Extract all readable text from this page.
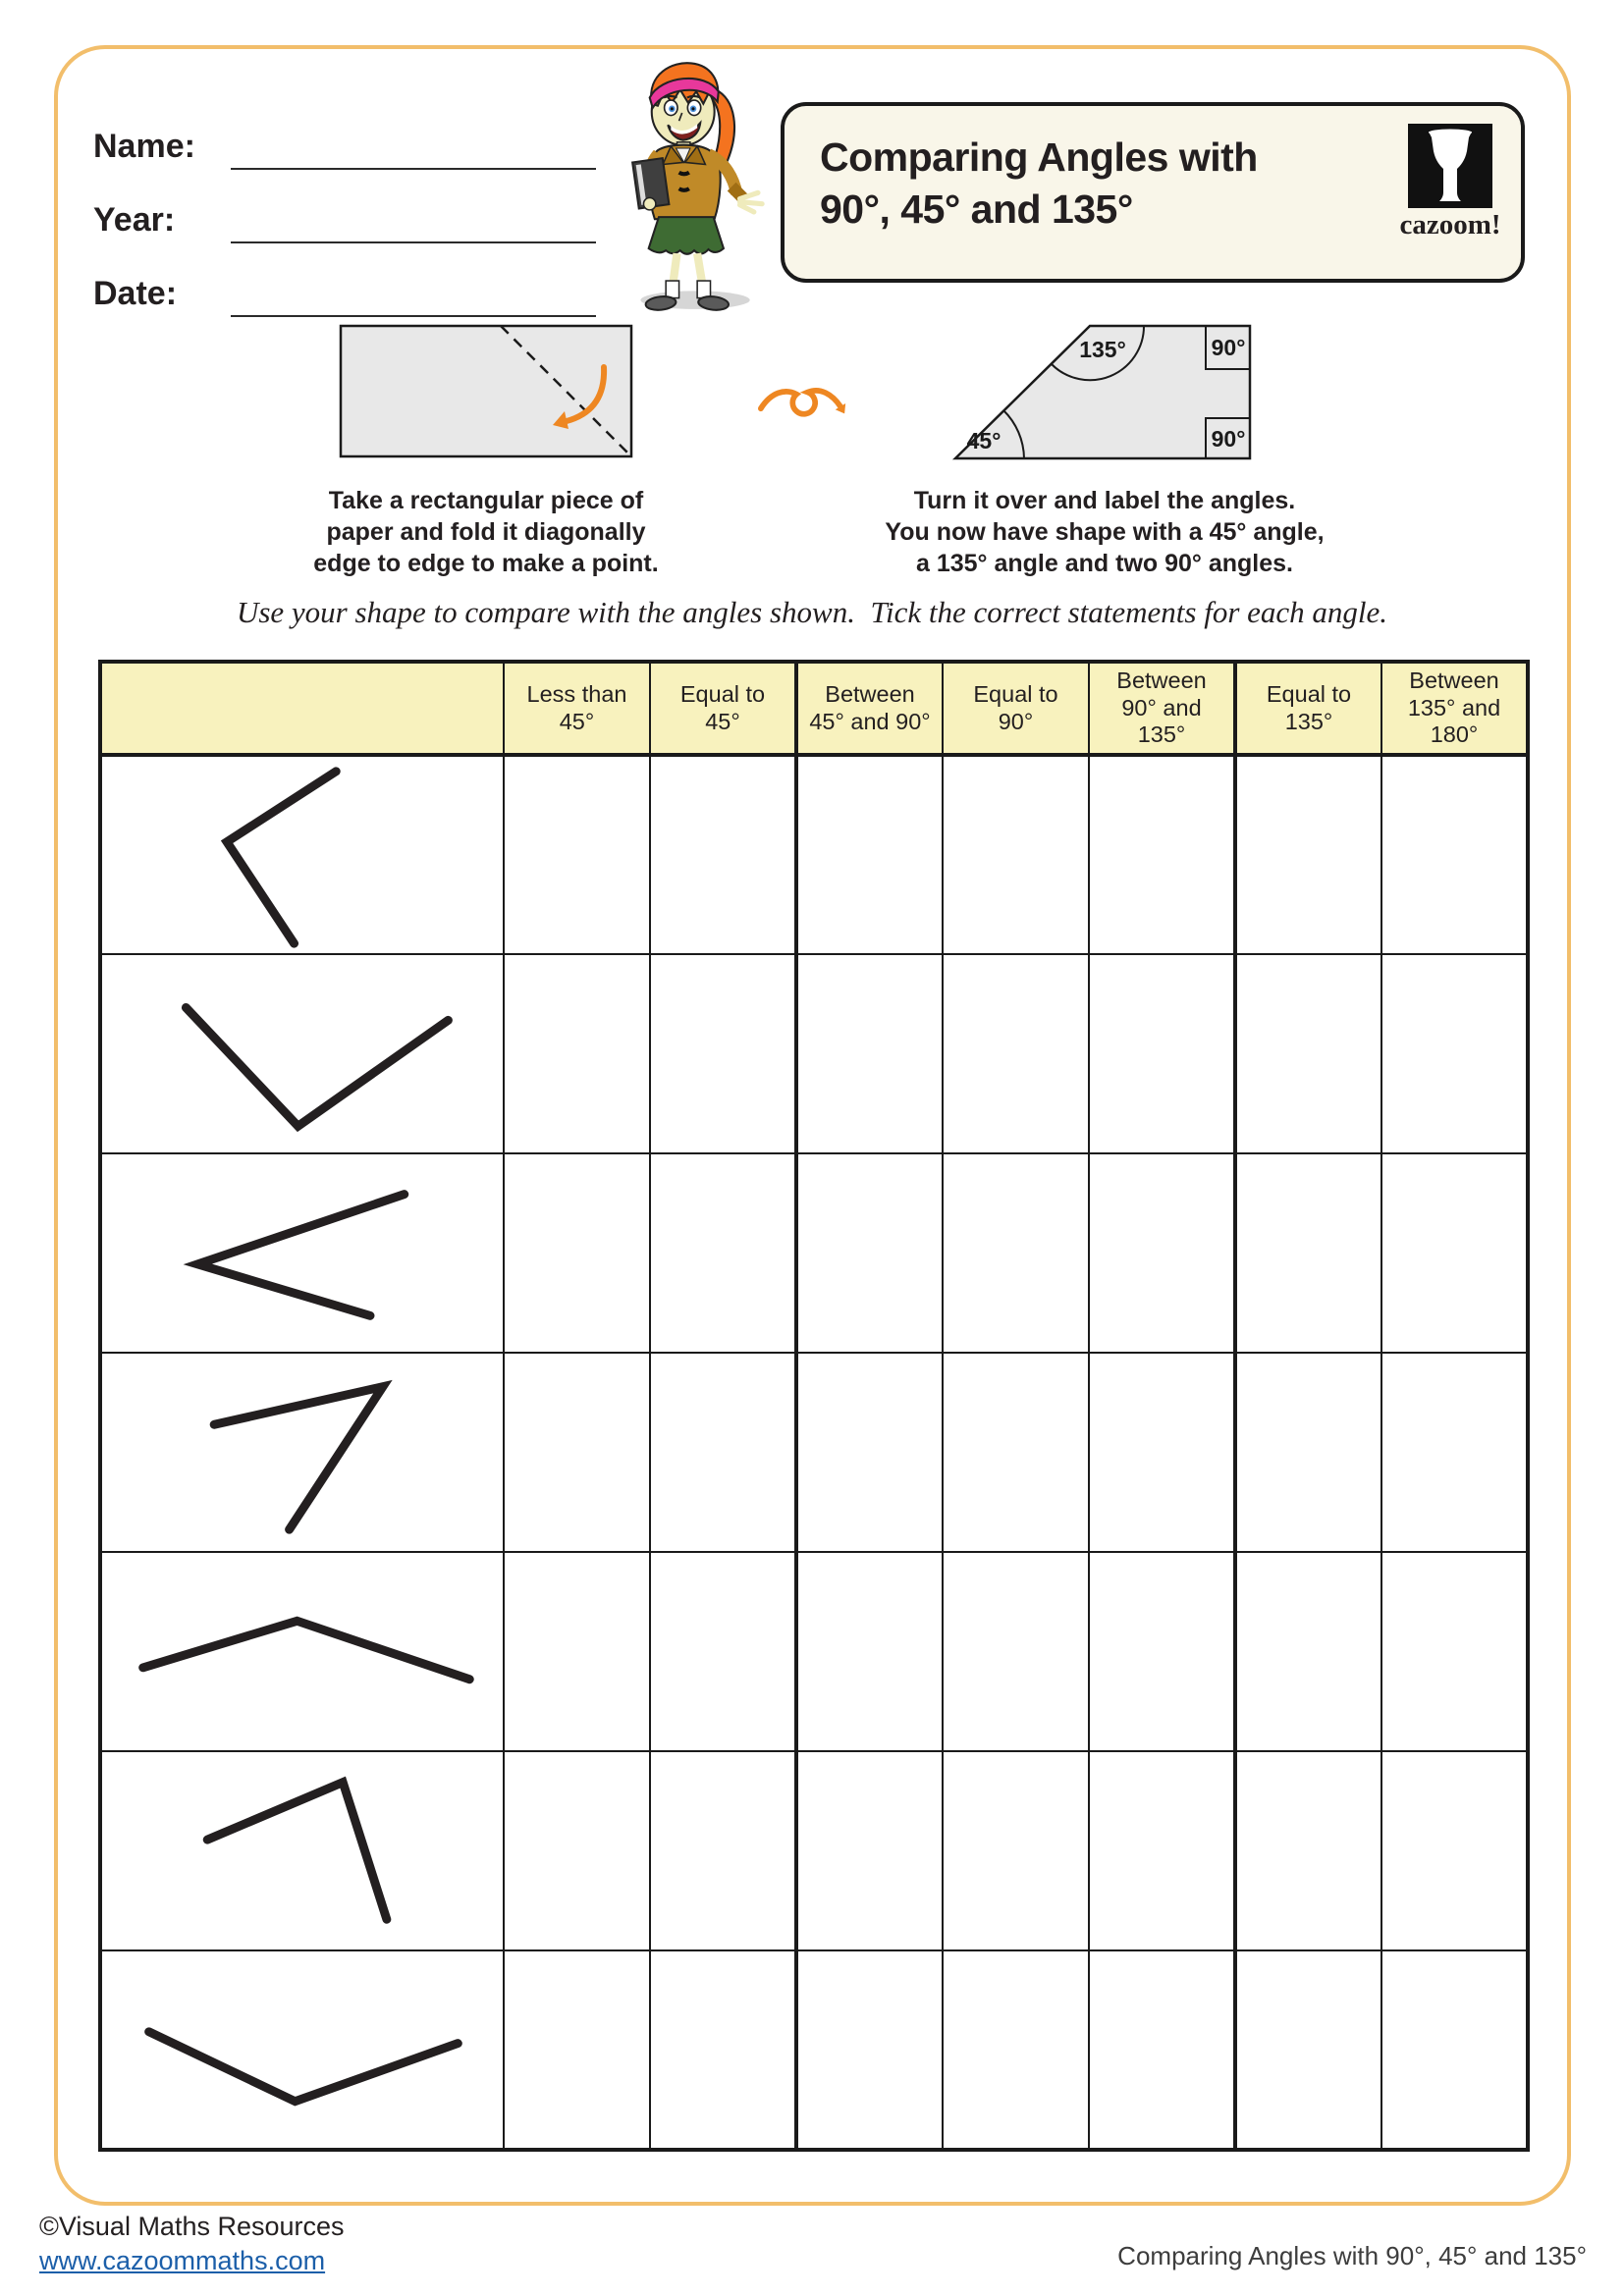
Name:
Year:
Date:
Comparing Angles with
90°, 45° and 135°	cazoom!
Take a rectangular piece of
paper and fold it diagonally
edge to edge to make a point.
135°
45°
90°
90°
Turn it over and label the angles.
You now have shape with a 45° angle,
a 135° angle and two 90° angles.
Use your shape to compare with the angles shown.  Tick the correct statements for each angle.
	Less than 45°	Equal to 45°	Between 45° and 90°	Equal to 90°	Between 90° and 135°	Equal to 135°	Between 135° and 180°

©Visual Maths Resources
www.cazoommaths.com	Comparing Angles with 90°, 45° and 135°
